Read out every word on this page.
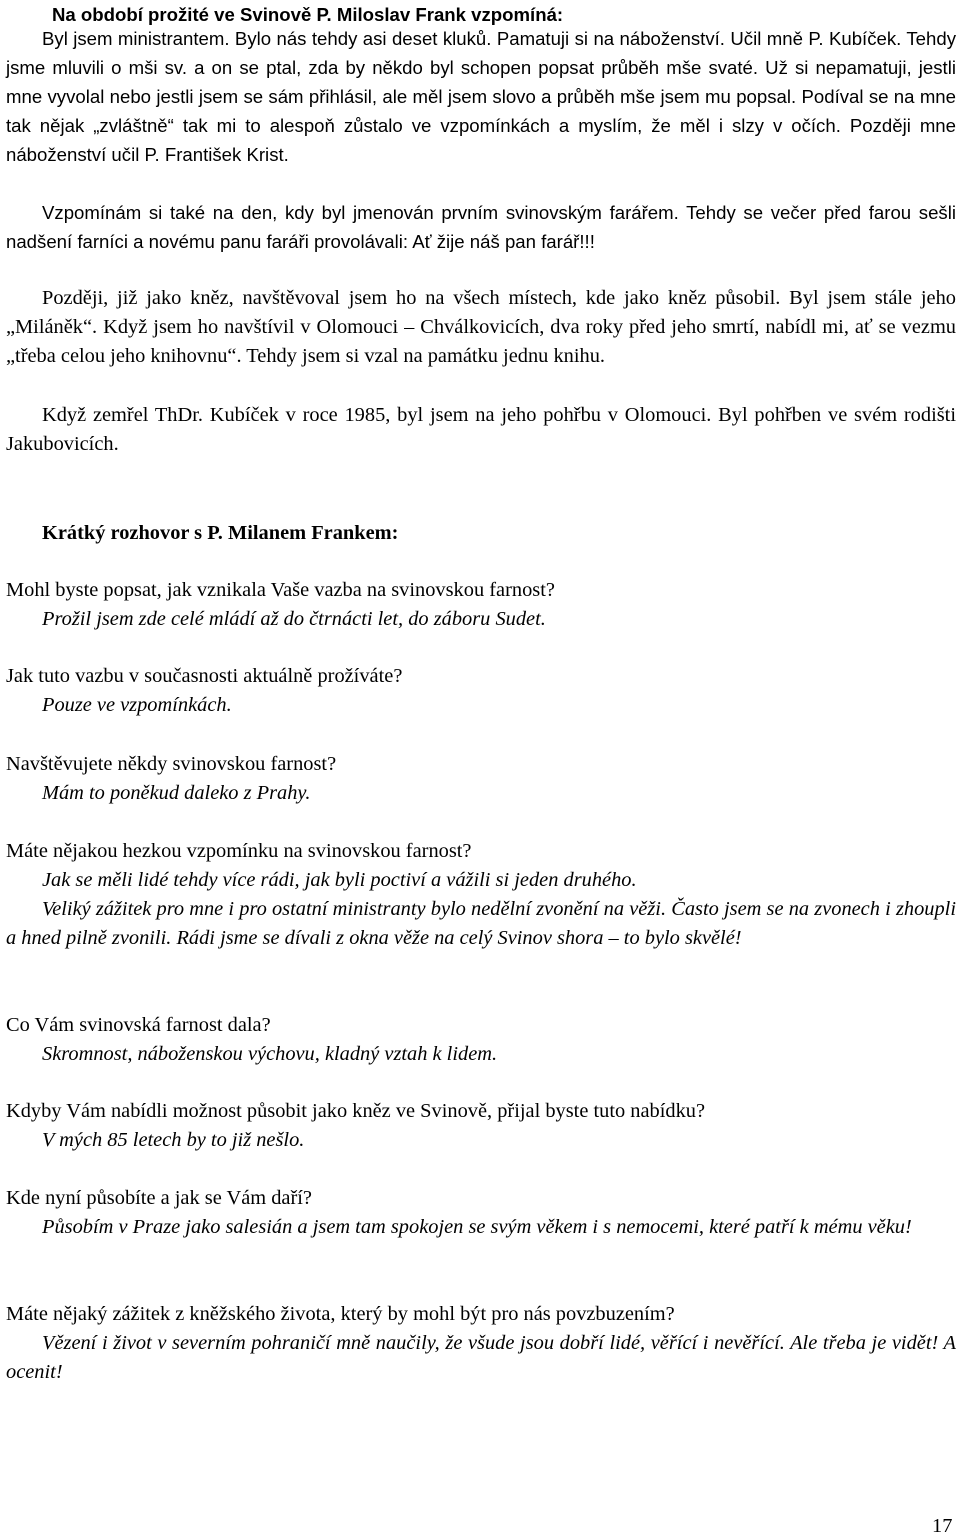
Na období prožité ve Svinově P. Miloslav Frank vzpomíná:

Byl jsem ministrantem. Bylo nás tehdy asi deset kluků. Pamatuji si na náboženství. Učil mně P. Kubíček. Tehdy jsme mluvili o mši sv. a on se ptal, zda by někdo byl schopen popsat průběh mše svaté. Už si nepamatuji, jestli mne vyvolal nebo jestli jsem se sám přihlásil, ale měl jsem slovo a průběh mše jsem mu popsal. Podíval se na mne tak nějak „zvláštně“ tak mi to alespoň zůstalo ve vzpomínkách a myslím, že měl i slzy v očích. Později mne náboženství učil P. František Krist.

Vzpomínám si také na den, kdy byl jmenován prvním svinovským farářem. Tehdy se večer před farou sešli nadšení farníci a novému panu faráři provolávali: Ať žije náš pan farář!!!

Později, již jako kněz, navštěvoval jsem ho na všech místech, kde jako kněz působil. Byl jsem stále jeho „Miláněk“. Když jsem ho navštívil v Olomouci – Chválkovicích, dva roky před jeho smrtí, nabídl mi, ať se vezmu „třeba celou jeho knihovnu“. Tehdy jsem si vzal na památku jednu knihu.

Když zemřel ThDr. Kubíček v roce 1985, byl jsem na jeho pohřbu v Olomouci. Byl pohřben ve svém rodišti Jakubovicích.

Krátký rozhovor s P. Milanem Frankem:

Mohl byste popsat, jak vznikala Vaše vazba na svinovskou farnost?

Prožil jsem zde celé mládí až do čtrnácti let, do záboru Sudet.

Jak tuto vazbu v současnosti aktuálně prožíváte?

Pouze ve vzpomínkách.

Navštěvujete někdy svinovskou farnost?

Mám to poněkud daleko z Prahy.

Máte nějakou hezkou vzpomínku na svinovskou farnost?

Jak se měli lidé tehdy více rádi, jak byli poctiví a vážili si jeden druhého.

Veliký zážitek pro mne i pro ostatní ministranty bylo nedělní zvonění na věži. Často jsem se na zvonech i zhoupli a hned pilně zvonili. Rádi jsme se dívali z okna věže na celý Svinov shora – to bylo skvělé!

Co Vám svinovská farnost dala?

Skromnost, náboženskou výchovu, kladný vztah k lidem.

Kdyby Vám nabídli možnost působit jako kněz ve Svinově, přijal byste tuto nabídku?

V mých 85 letech by to již nešlo.

Kde nyní působíte a jak se Vám daří?

Působím v Praze jako salesián a jsem tam spokojen se svým věkem i s nemocemi, které patří k mému věku!

Máte nějaký zážitek z kněžského života, který by mohl být pro nás povzbuzením?

Vězení i život v severním pohraničí mně naučily, že všude jsou dobří lidé, věřící i nevěřící. Ale třeba je vidět! A ocenit!

17
